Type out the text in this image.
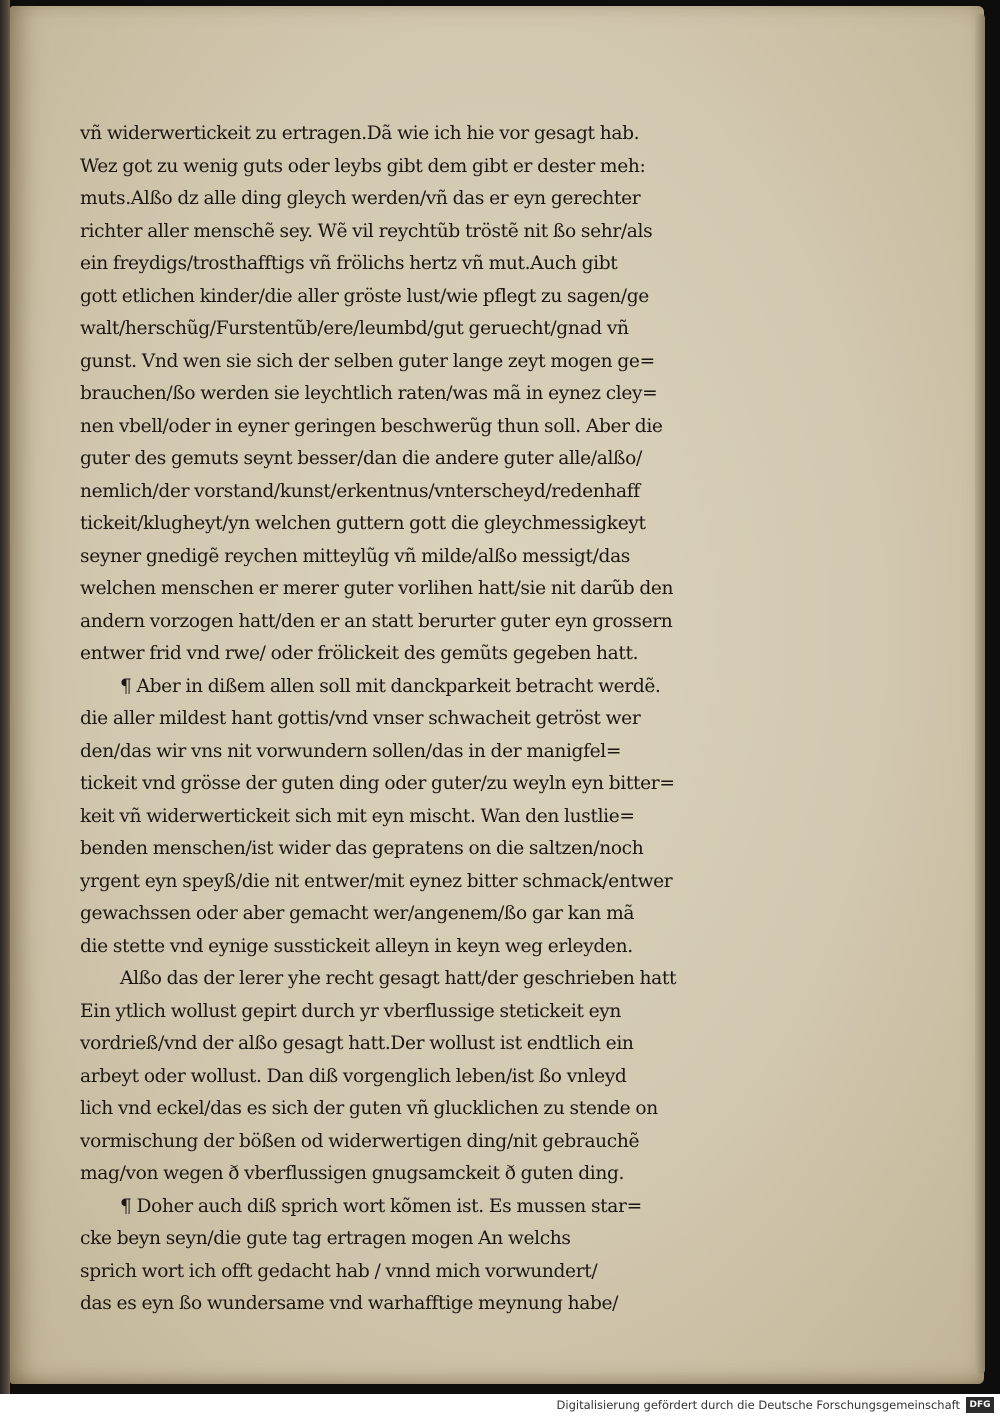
vñ widerwertickeit zu ertragen.Dã wie ich hie vor gesagt hab.
Wez got zu wenig guts oder leybs gibt dem gibt er dester meh:
muts.Alßo dz alle ding gleych werden/vñ das er eyn gerechter
richter aller menschẽ sey. Wẽ vil reychtũb tröstẽ nit ßo sehr/als
ein freydigs/trosthafftigs vñ frölichs hertz vñ mut.Auch gibt
gott etlichen kinder/die aller gröste lust/wie pflegt zu sagen/ge
walt/herschũg/Furstentũb/ere/leumbd/gut geruecht/gnad vñ
gunst. Vnd wen sie sich der selben guter lange zeyt mogen ge=
brauchen/ßo werden sie leychtlich raten/was mã in eynez cley=
nen vbell/oder in eyner geringen beschwerũg thun soll. Aber die
guter des gemuts seynt besser/dan die andere guter alle/alßo/
nemlich/der vorstand/kunst/erkentnus/vnterscheyd/redenhaff
tickeit/klugheyt/yn welchen guttern gott die gleychmessigkeyt
seyner gnedigẽ reychen mitteylũg vñ milde/alßo messigt/das
welchen menschen er merer guter vorlihen hatt/sie nit darũb den
andern vorzogen hatt/den er an statt berurter guter eyn grossern
entwer frid vnd rwe/ oder frölickeit des gemũts gegeben hatt.
¶ Aber in dißem allen soll mit danckparkeit betracht werdẽ.
die aller mildest hant gottis/vnd vnser schwacheit getröst wer
den/das wir vns nit vorwundern sollen/das in der manigfel=
tickeit vnd grösse der guten ding oder guter/zu weyln eyn bitter=
keit vñ widerwertickeit sich mit eyn mischt. Wan den lustlie=
benden menschen/ist wider das gepratens on die saltzen/noch
yrgent eyn speyß/die nit entwer/mit eynez bitter schmack/entwer
gewachssen oder aber gemacht wer/angenem/ßo gar kan mã
die stette vnd eynige susstickeit alleyn in keyn weg erleyden.
Alßo das der lerer yhe recht gesagt hatt/der geschrieben hatt
Ein ytlich wollust gepirt durch yr vberflussige stetickeit eyn
vordrieß/vnd der alßo gesagt hatt.Der wollust ist endtlich ein
arbeyt oder wollust. Dan diß vorgenglich leben/ist ßo vnleyd
lich vnd eckel/das es sich der guten vñ glucklichen zu stende on
vormischung der bößen od widerwertigen ding/nit gebrauchẽ
mag/von wegen ð vberflussigen gnugsamckeit ð guten ding.
¶ Doher auch diß sprich wort kõmen ist. Es mussen star=
cke beyn seyn/die gute tag ertragen mogen An welchs
sprich wort ich offt gedacht hab / vnnd mich vorwundert/
das es eyn ßo wundersame vnd warhafftige meynung habe/
Digitalisierung gefördert durch die Deutsche Forschungsgemeinschaft	DFG
